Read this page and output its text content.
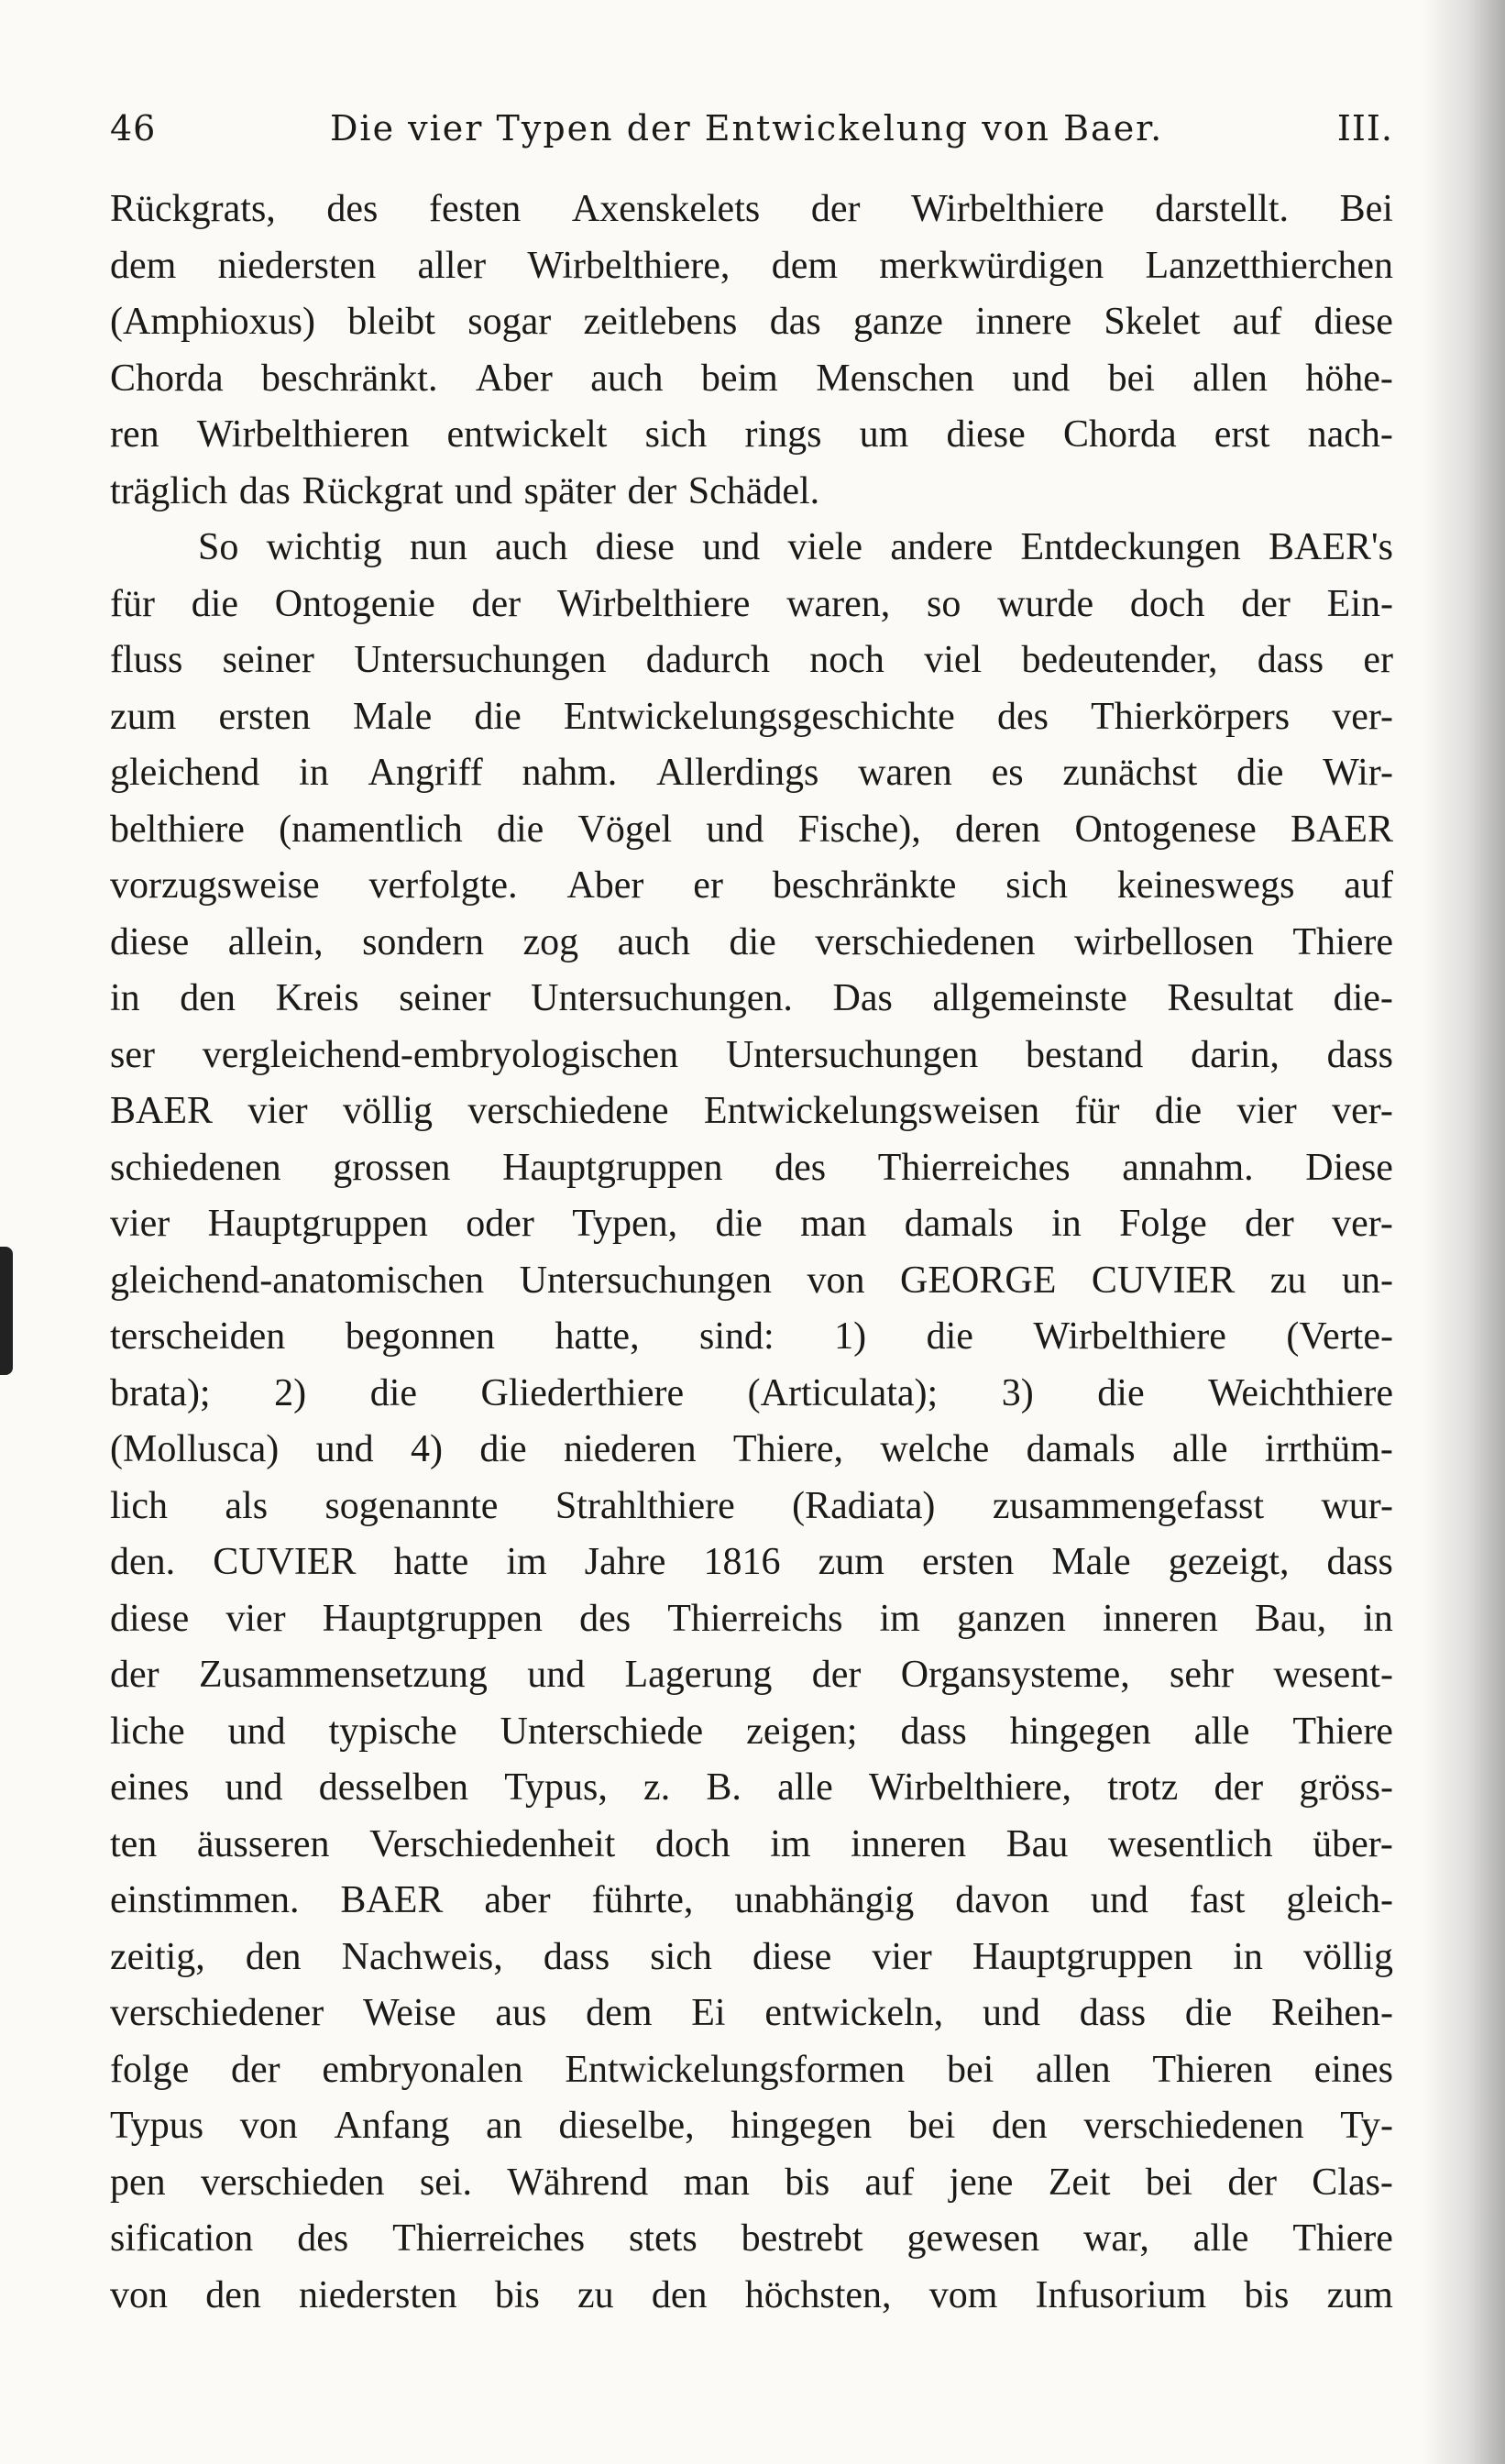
46	Die vier Typen der Entwickelung von Baer.	III.
Rückgrats, des festen Axenskelets der Wirbelthiere darstellt. Bei
dem niedersten aller Wirbelthiere, dem merkwürdigen Lanzetthierchen
(Amphioxus) bleibt sogar zeitlebens das ganze innere Skelet auf diese
Chorda beschränkt. Aber auch beim Menschen und bei allen höhe-
ren Wirbelthieren entwickelt sich rings um diese Chorda erst nach-
träglich das Rückgrat und später der Schädel.
So wichtig nun auch diese und viele andere Entdeckungen BAER's
für die Ontogenie der Wirbelthiere waren, so wurde doch der Ein-
fluss seiner Untersuchungen dadurch noch viel bedeutender, dass er
zum ersten Male die Entwickelungsgeschichte des Thierkörpers ver-
gleichend in Angriff nahm. Allerdings waren es zunächst die Wir-
belthiere (namentlich die Vögel und Fische), deren Ontogenese BAER
vorzugsweise verfolgte. Aber er beschränkte sich keineswegs auf
diese allein, sondern zog auch die verschiedenen wirbellosen Thiere
in den Kreis seiner Untersuchungen. Das allgemeinste Resultat die-
ser vergleichend-embryologischen Untersuchungen bestand darin, dass
BAER vier völlig verschiedene Entwickelungsweisen für die vier ver-
schiedenen grossen Hauptgruppen des Thierreiches annahm. Diese
vier Hauptgruppen oder Typen, die man damals in Folge der ver-
gleichend-anatomischen Untersuchungen von GEORGE CUVIER zu un-
terscheiden begonnen hatte, sind: 1) die Wirbelthiere (Verte-
brata); 2) die Gliederthiere (Articulata); 3) die Weichthiere
(Mollusca) und 4) die niederen Thiere, welche damals alle irrthüm-
lich als sogenannte Strahlthiere (Radiata) zusammengefasst wur-
den. CUVIER hatte im Jahre 1816 zum ersten Male gezeigt, dass
diese vier Hauptgruppen des Thierreichs im ganzen inneren Bau, in
der Zusammensetzung und Lagerung der Organsysteme, sehr wesent-
liche und typische Unterschiede zeigen; dass hingegen alle Thiere
eines und desselben Typus, z. B. alle Wirbelthiere, trotz der gröss-
ten äusseren Verschiedenheit doch im inneren Bau wesentlich über-
einstimmen. BAER aber führte, unabhängig davon und fast gleich-
zeitig, den Nachweis, dass sich diese vier Hauptgruppen in völlig
verschiedener Weise aus dem Ei entwickeln, und dass die Reihen-
folge der embryonalen Entwickelungsformen bei allen Thieren eines
Typus von Anfang an dieselbe, hingegen bei den verschiedenen Ty-
pen verschieden sei. Während man bis auf jene Zeit bei der Clas-
sification des Thierreiches stets bestrebt gewesen war, alle Thiere
von den niedersten bis zu den höchsten, vom Infusorium bis zum
